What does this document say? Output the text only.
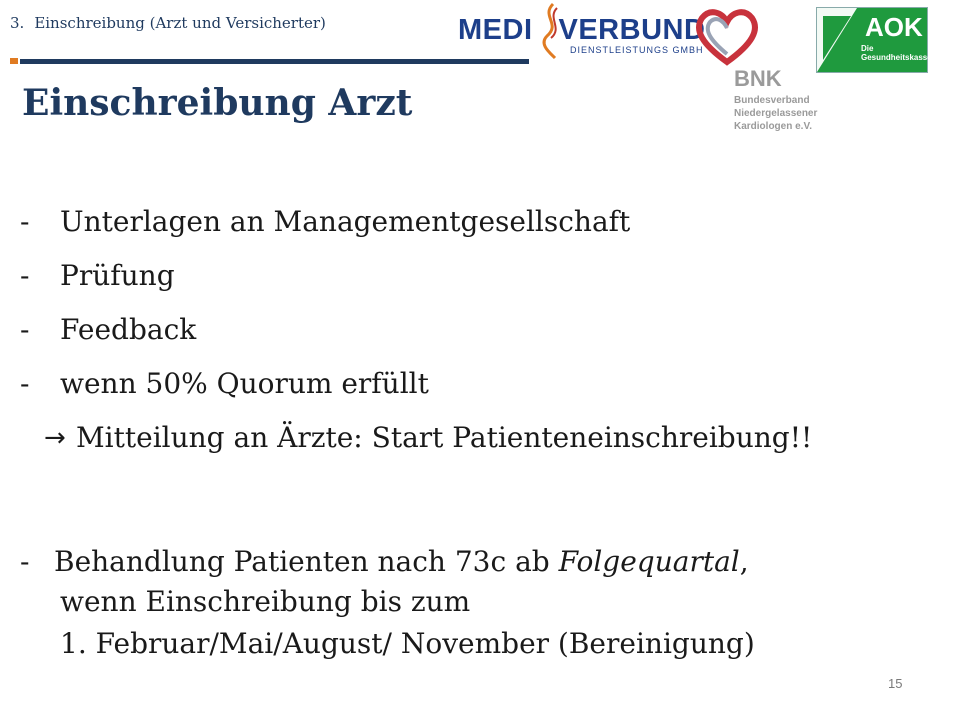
3. Einschreibung (Arzt und Versicherter)	MEDI VERBUND
DIENSTLEISTUNGS GMBH
BNK
Bundesverband
Niedergelassener
Kardiologen e.V.
AOK
Die Gesundheitskasse.
Einschreibung Arzt
-	Unterlagen an Managementgesellschaft
-	Prüfung
-	Feedback
-	wenn 50% Quorum erfüllt
→ Mitteilung an Ärzte: Start Patienteneinschreibung!!
- Behandlung Patienten nach 73c ab Folgequartal,
wenn Einschreibung bis zum
1. Februar/Mai/August/ November (Bereinigung)
15
